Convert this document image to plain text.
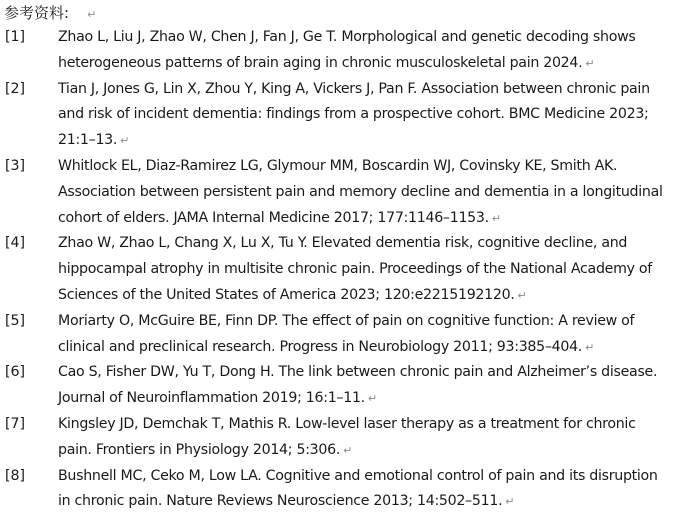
参考资料: ↵
[1] Zhao L, Liu J, Zhao W, Chen J, Fan J, Ge T. Morphological and genetic decoding shows
heterogeneous patterns of brain aging in chronic musculoskeletal pain 2024. ↵
[2] Tian J, Jones G, Lin X, Zhou Y, King A, Vickers J, Pan F. Association between chronic pain
and risk of incident dementia: findings from a prospective cohort. BMC Medicine 2023;
21:1–13. ↵
[3] Whitlock EL, Diaz-Ramirez LG, Glymour MM, Boscardin WJ, Covinsky KE, Smith AK.
Association between persistent pain and memory decline and dementia in a longitudinal
cohort of elders. JAMA Internal Medicine 2017; 177:1146–1153. ↵
[4] Zhao W, Zhao L, Chang X, Lu X, Tu Y. Elevated dementia risk, cognitive decline, and
hippocampal atrophy in multisite chronic pain. Proceedings of the National Academy of
Sciences of the United States of America 2023; 120:e2215192120. ↵
[5] Moriarty O, McGuire BE, Finn DP. The effect of pain on cognitive function: A review of
clinical and preclinical research. Progress in Neurobiology 2011; 93:385–404. ↵
[6] Cao S, Fisher DW, Yu T, Dong H. The link between chronic pain and Alzheimer’s disease.
Journal of Neuroinflammation 2019; 16:1–11. ↵
[7] Kingsley JD, Demchak T, Mathis R. Low-level laser therapy as a treatment for chronic
pain. Frontiers in Physiology 2014; 5:306. ↵
[8] Bushnell MC, Ceko M, Low LA. Cognitive and emotional control of pain and its disruption
in chronic pain. Nature Reviews Neuroscience 2013; 14:502–511. ↵
